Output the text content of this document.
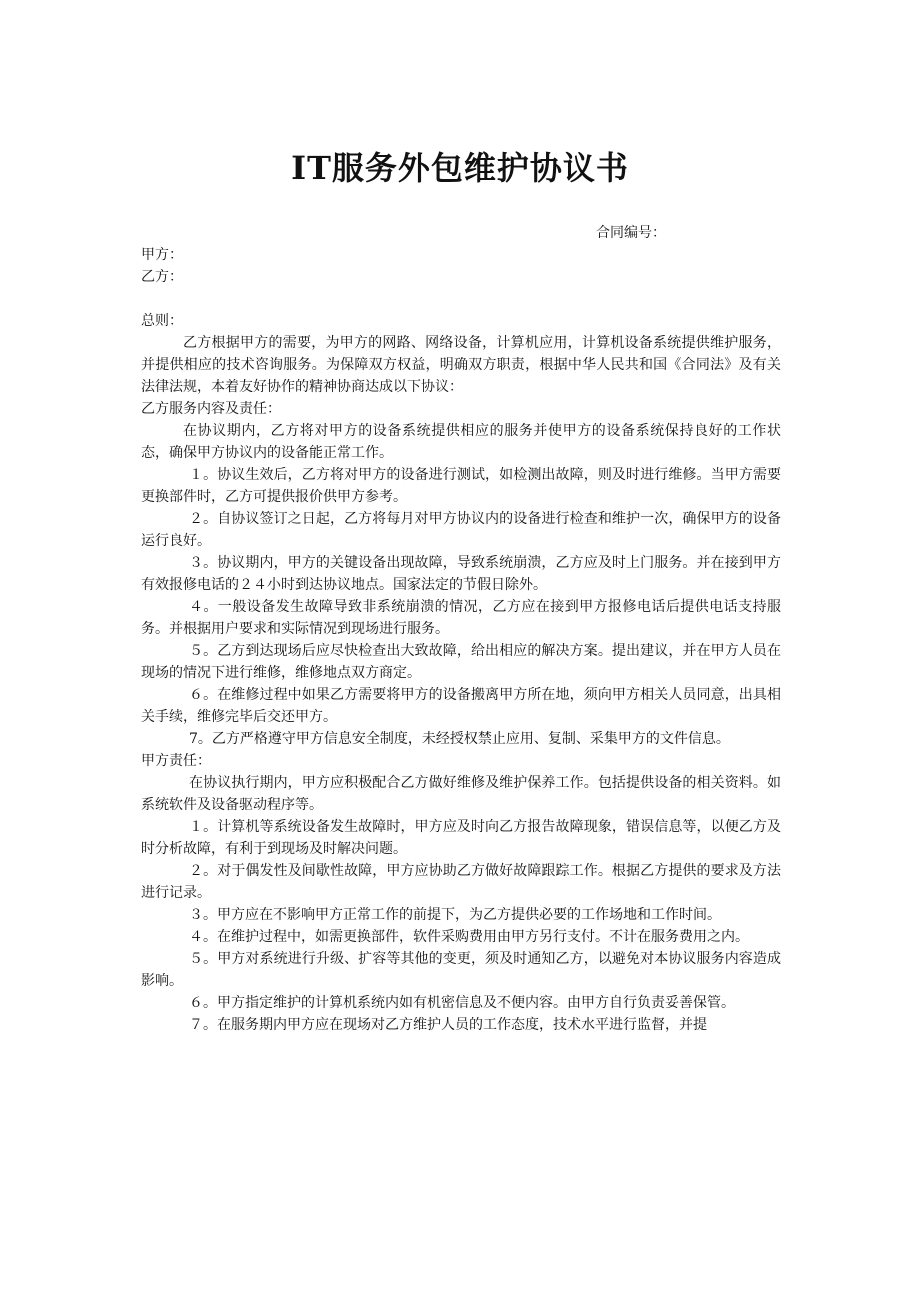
IT服务外包维护协议书
合同编号：

甲方：

乙方：

总则：

乙方根据甲方的需要，为甲方的网路、网络设备，计算机应用，计算机设备系统提供维护服务，并提供相应的技术咨询服务。为保障双方权益，明确双方职责，根据中华人民共和国《合同法》及有关法律法规，本着友好协作的精神协商达成以下协议：

乙方服务内容及责任：

在协议期内，乙方将对甲方的设备系统提供相应的服务并使甲方的设备系统保持良好的工作状态，确保甲方协议内的设备能正常工作。

１。协议生效后，乙方将对甲方的设备进行测试，如检测出故障，则及时进行维修。当甲方需要更换部件时，乙方可提供报价供甲方参考。

２。自协议签订之日起，乙方将每月对甲方协议内的设备进行检查和维护一次，确保甲方的设备运行良好。

３。协议期内，甲方的关键设备出现故障，导致系统崩溃，乙方应及时上门服务。并在接到甲方有效报修电话的２４小时到达协议地点。国家法定的节假日除外。

４。一般设备发生故障导致非系统崩溃的情况，乙方应在接到甲方报修电话后提供电话支持服务。并根据用户要求和实际情况到现场进行服务。

５。乙方到达现场后应尽快检查出大致故障，给出相应的解决方案。提出建议，并在甲方人员在现场的情况下进行维修，维修地点双方商定。

６。在维修过程中如果乙方需要将甲方的设备搬离甲方所在地，须向甲方相关人员同意，出具相关手续，维修完毕后交还甲方。

7。乙方严格遵守甲方信息安全制度，未经授权禁止应用、复制、采集甲方的文件信息。

甲方责任：

在协议执行期内，甲方应积极配合乙方做好维修及维护保养工作。包括提供设备的相关资料。如系统软件及设备驱动程序等。

１。计算机等系统设备发生故障时，甲方应及时向乙方报告故障现象，错误信息等，以便乙方及时分析故障，有利于到现场及时解决问题。

２。对于偶发性及间歇性故障，甲方应协助乙方做好故障跟踪工作。根据乙方提供的要求及方法进行记录。

３。甲方应在不影响甲方正常工作的前提下，为乙方提供必要的工作场地和工作时间。

４。在维护过程中，如需更换部件，软件采购费用由甲方另行支付。不计在服务费用之内。

５。甲方对系统进行升级、扩容等其他的变更，须及时通知乙方，以避免对本协议服务内容造成影响。

６。甲方指定维护的计算机系统内如有机密信息及不便内容。由甲方自行负责妥善保管。

７。在服务期内甲方应在现场对乙方维护人员的工作态度，技术水平进行监督，并提
